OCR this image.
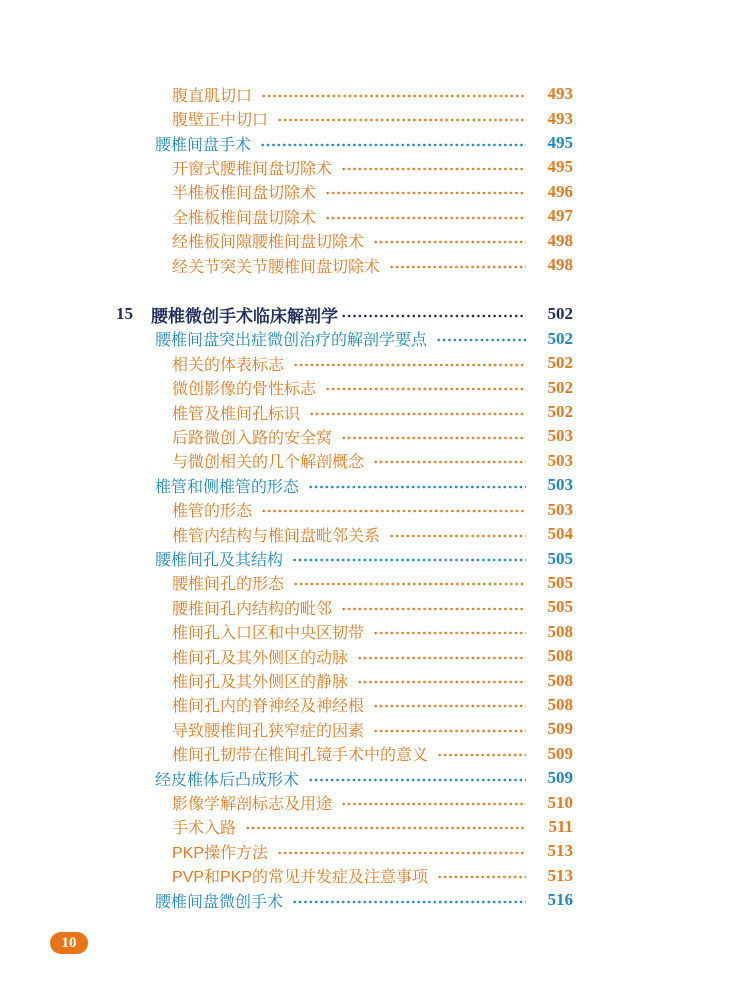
腹直肌切口	493
腹壁正中切口	493
腰椎间盘手术	495
开窗式腰椎间盘切除术	495
半椎板椎间盘切除术	496
全椎板椎间盘切除术	497
经椎板间隙腰椎间盘切除术	498
经关节突关节腰椎间盘切除术	498
15	腰椎微创手术临床解剖学	502
腰椎间盘突出症微创治疗的解剖学要点	502
相关的体表标志	502
微创影像的骨性标志	502
椎管及椎间孔标识	502
后路微创入路的安全窝	503
与微创相关的几个解剖概念	503
椎管和侧椎管的形态	503
椎管的形态	503
椎管内结构与椎间盘毗邻关系	504
腰椎间孔及其结构	505
腰椎间孔的形态	505
腰椎间孔内结构的毗邻	505
椎间孔入口区和中央区韧带	508
椎间孔及其外侧区的动脉	508
椎间孔及其外侧区的静脉	508
椎间孔内的脊神经及神经根	508
导致腰椎间孔狭窄症的因素	509
椎间孔韧带在椎间孔镜手术中的意义	509
经皮椎体后凸成形术	509
影像学解剖标志及用途	510
手术入路	511
PKP操作方法	513
PVP和PKP的常见并发症及注意事项	513
腰椎间盘微创手术	516
10
